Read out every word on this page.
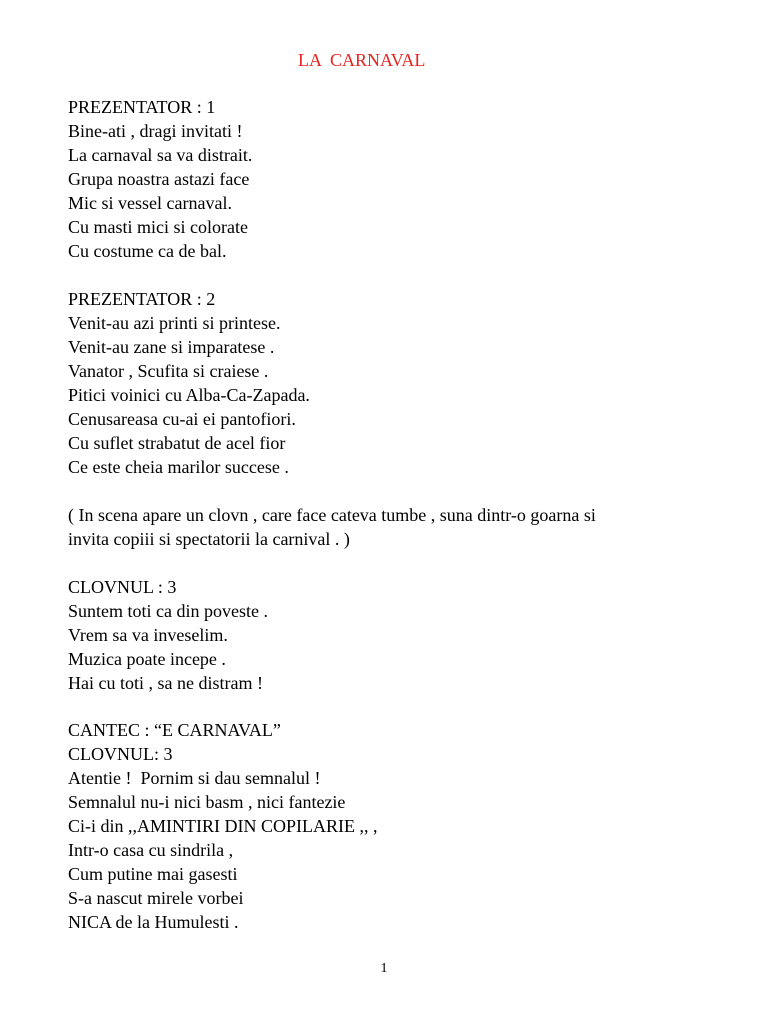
LA  CARNAVAL
PREZENTATOR : 1
Bine-ati , dragi invitati !
La carnaval sa va distrait.
Grupa noastra astazi face
Mic si vessel carnaval.
Cu masti mici si colorate
Cu costume ca de bal.
PREZENTATOR : 2
Venit-au azi printi si printese.
Venit-au zane si imparatese .
Vanator , Scufita si craiese .
Pitici voinici cu Alba-Ca-Zapada.
Cenusareasa cu-ai ei pantofiori.
Cu suflet strabatut de acel fior
Ce este cheia marilor succese .
( In scena apare un clovn , care face cateva tumbe , suna dintr-o goarna si
invita copiii si spectatorii la carnival . )
CLOVNUL : 3
Suntem toti ca din poveste .
Vrem sa va inveselim.
Muzica poate incepe .
Hai cu toti , sa ne distram !
CANTEC : “E CARNAVAL”
CLOVNUL: 3
Atentie !  Pornim si dau semnalul !
Semnalul nu-i nici basm , nici fantezie
Ci-i din ,,AMINTIRI DIN COPILARIE ,, ,
Intr-o casa cu sindrila ,
Cum putine mai gasesti
S-a nascut mirele vorbei
NICA de la Humulesti .
1
